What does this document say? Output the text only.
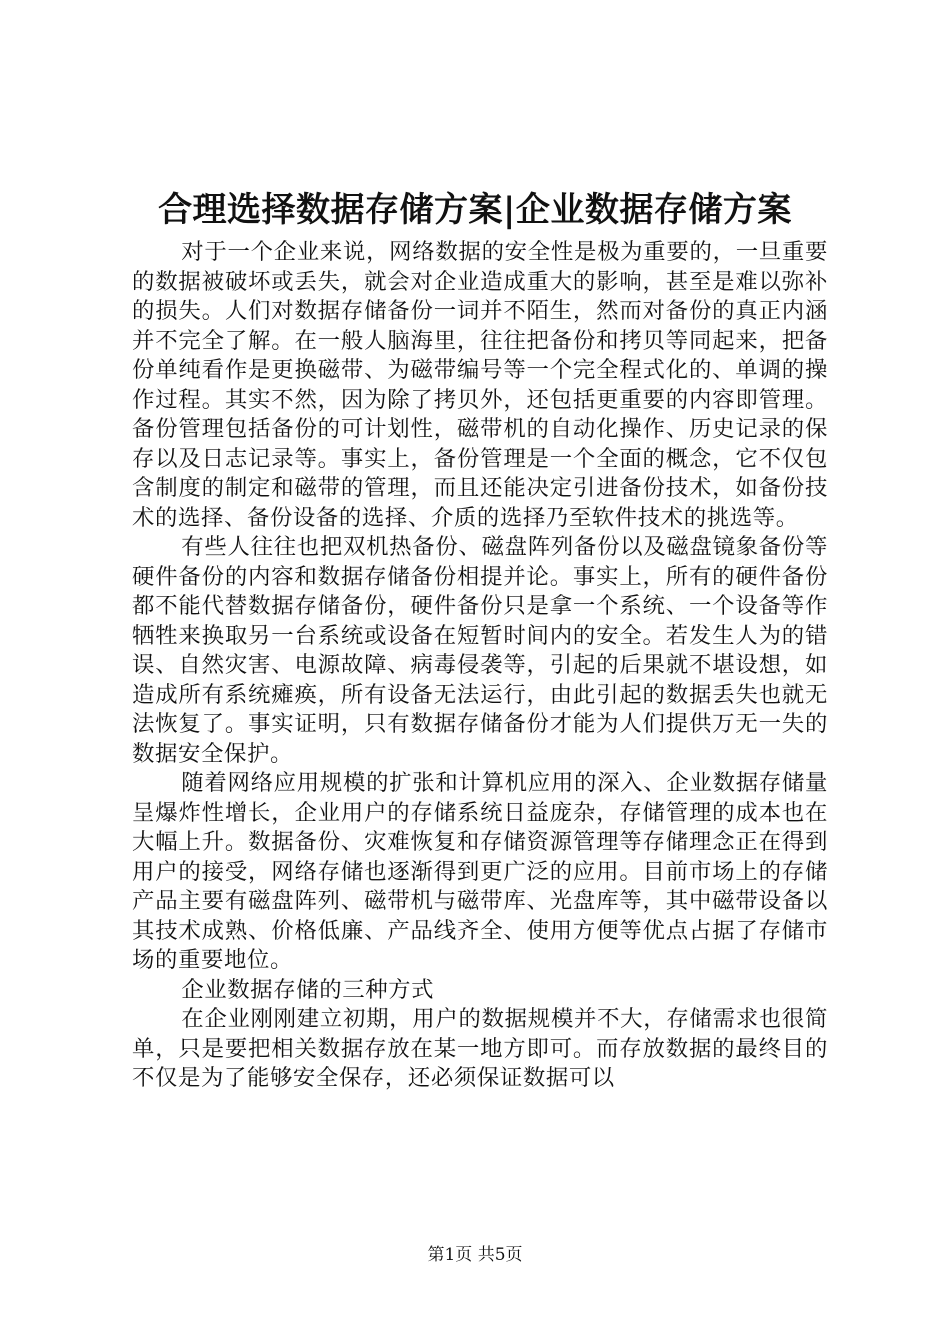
合理选择数据存储方案|企业数据存储方案

对于一个企业来说，网络数据的安全性是极为重要的，一旦重要的数据被破坏或丢失，就会对企业造成重大的影响，甚至是难以弥补的损失。人们对数据存储备份一词并不陌生，然而对备份的真正内涵并不完全了解。在一般人脑海里，往往把备份和拷贝等同起来，把备份单纯看作是更换磁带、为磁带编号等一个完全程式化的、单调的操作过程。其实不然，因为除了拷贝外，还包括更重要的内容即管理。备份管理包括备份的可计划性，磁带机的自动化操作、历史记录的保存以及日志记录等。事实上，备份管理是一个全面的概念，它不仅包含制度的制定和磁带的管理，而且还能决定引进备份技术，如备份技术的选择、备份设备的选择、介质的选择乃至软件技术的挑选等。

有些人往往也把双机热备份、磁盘阵列备份以及磁盘镜象备份等硬件备份的内容和数据存储备份相提并论。事实上，所有的硬件备份都不能代替数据存储备份，硬件备份只是拿一个系统、一个设备等作牺牲来换取另一台系统或设备在短暂时间内的安全。若发生人为的错误、自然灾害、电源故障、病毒侵袭等，引起的后果就不堪设想，如造成所有系统瘫痪，所有设备无法运行，由此引起的数据丢失也就无法恢复了。事实证明，只有数据存储备份才能为人们提供万无一失的数据安全保护。

随着网络应用规模的扩张和计算机应用的深入、企业数据存储量呈爆炸性增长，企业用户的存储系统日益庞杂，存储管理的成本也在大幅上升。数据备份、灾难恢复和存储资源管理等存储理念正在得到用户的接受，网络存储也逐渐得到更广泛的应用。目前市场上的存储产品主要有磁盘阵列、磁带机与磁带库、光盘库等，其中磁带设备以其技术成熟、价格低廉、产品线齐全、使用方便等优点占据了存储市场的重要地位。

企业数据存储的三种方式

在企业刚刚建立初期，用户的数据规模并不大，存储需求也很简单，只是要把相关数据存放在某一地方即可。而存放数据的最终目的不仅是为了能够安全保存，还必须保证数据可以

第1页 共5页
